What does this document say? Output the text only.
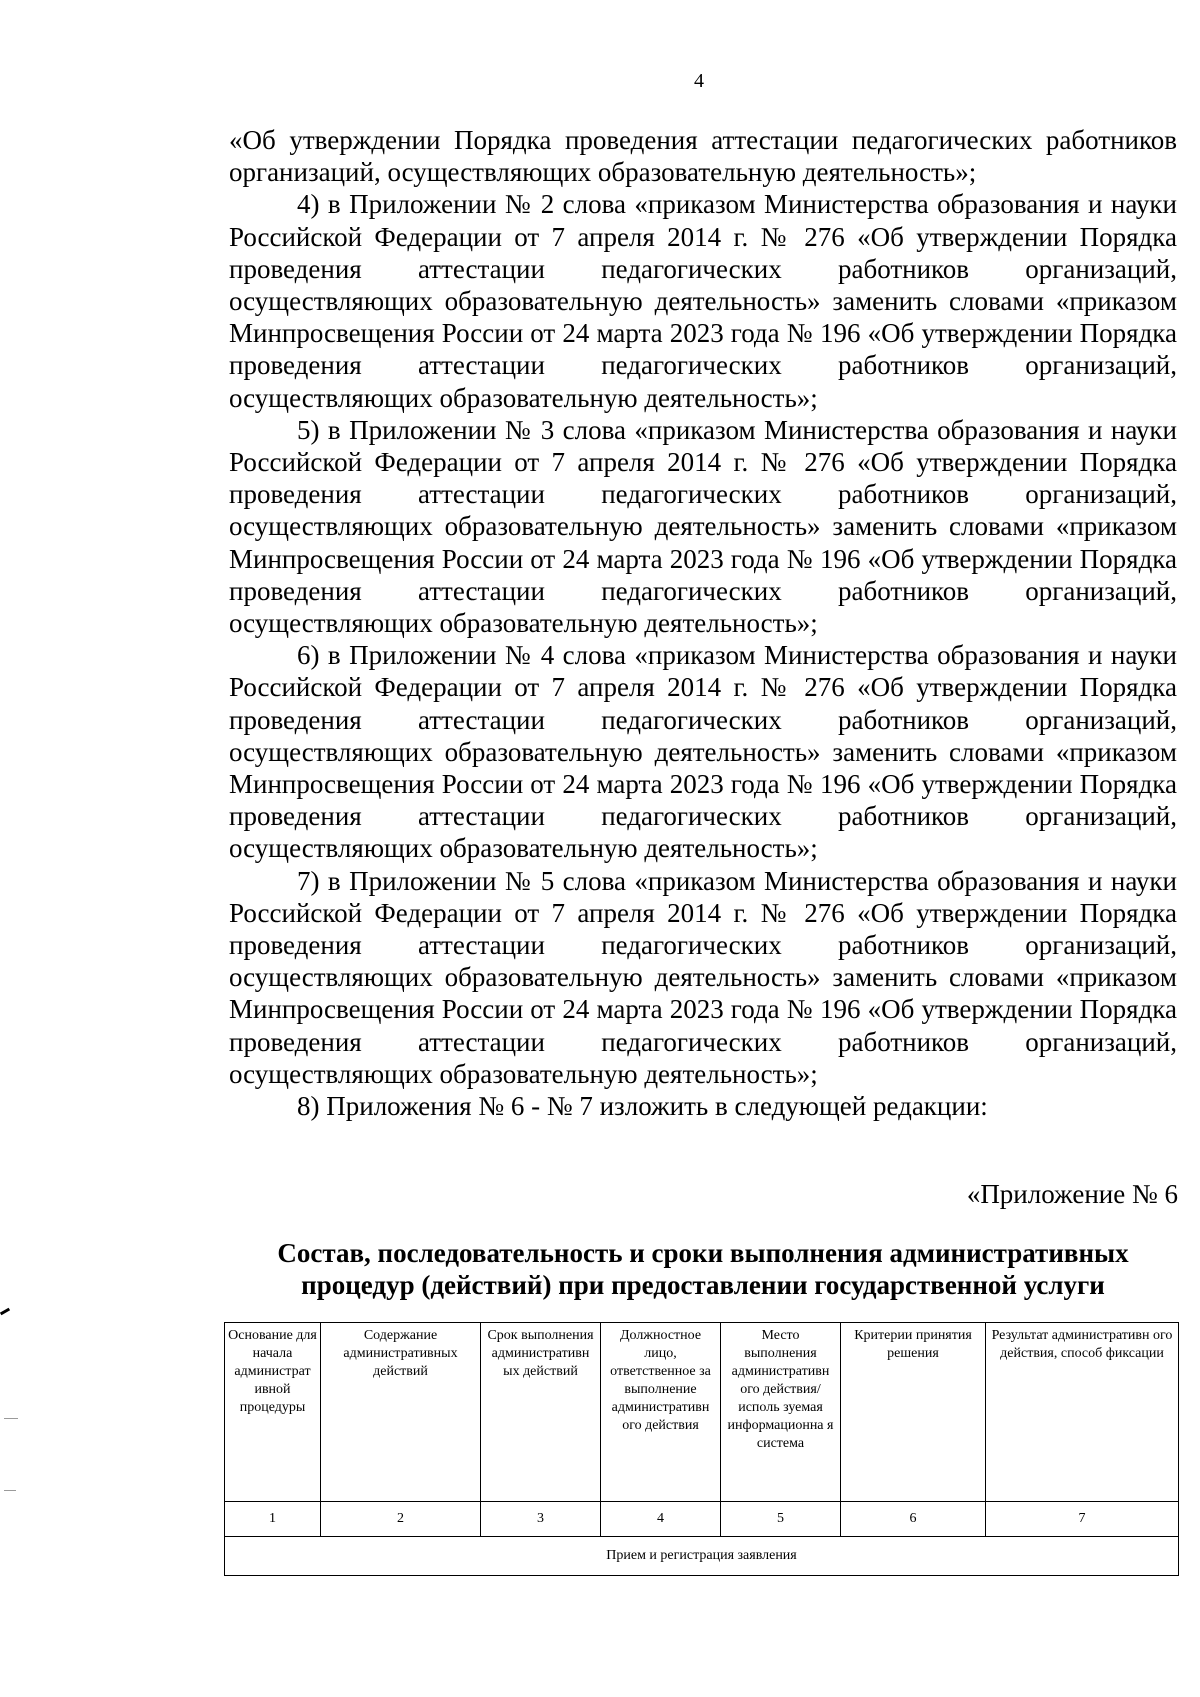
4

«Об утверждении Порядка проведения аттестации педагогических работников организаций, осуществляющих образовательную деятельность»;

4) в Приложении № 2 слова «приказом Министерства образования и науки Российской Федерации от 7 апреля 2014 г. № 276 «Об утверждении Порядка проведения аттестации педагогических работников организаций, осуществляющих образовательную деятельность» заменить словами «приказом Минпросвещения России от 24 марта 2023 года № 196 «Об утверждении Порядка проведения аттестации педагогических работников организаций, осуществляющих образовательную деятельность»;

5) в Приложении № 3 слова «приказом Министерства образования и науки Российской Федерации от 7 апреля 2014 г. № 276 «Об утверждении Порядка проведения аттестации педагогических работников организаций, осуществляющих образовательную деятельность» заменить словами «приказом Минпросвещения России от 24 марта 2023 года № 196 «Об утверждении Порядка проведения аттестации педагогических работников организаций, осуществляющих образовательную деятельность»;

6) в Приложении № 4 слова «приказом Министерства образования и науки Российской Федерации от 7 апреля 2014 г. № 276 «Об утверждении Порядка проведения аттестации педагогических работников организаций, осуществляющих образовательную деятельность» заменить словами «приказом Минпросвещения России от 24 марта 2023 года № 196 «Об утверждении Порядка проведения аттестации педагогических работников организаций, осуществляющих образовательную деятельность»;

7) в Приложении № 5 слова «приказом Министерства образования и науки Российской Федерации от 7 апреля 2014 г. № 276 «Об утверждении Порядка проведения аттестации педагогических работников организаций, осуществляющих образовательную деятельность» заменить словами «приказом Минпросвещения России от 24 марта 2023 года № 196 «Об утверждении Порядка проведения аттестации педагогических работников организаций, осуществляющих образовательную деятельность»;

8) Приложения № 6 - № 7 изложить в следующей редакции:

«Приложение № 6
Состав, последовательность и сроки выполнения административных процедур (действий) при предоставлении государственной услуги
Основание для начала администрат ивной процедуры	Содержание административных действий	Срок выполнения административн ых действий	Должностное лицо, ответственное за выполнение административн ого действия	Место выполнения административн ого действия/исполь зуемая информационна я система	Критерии принятия решения	Результат административн ого действия, способ фиксации
1	2	3	4	5	6	7
Прием и регистрация заявления						
